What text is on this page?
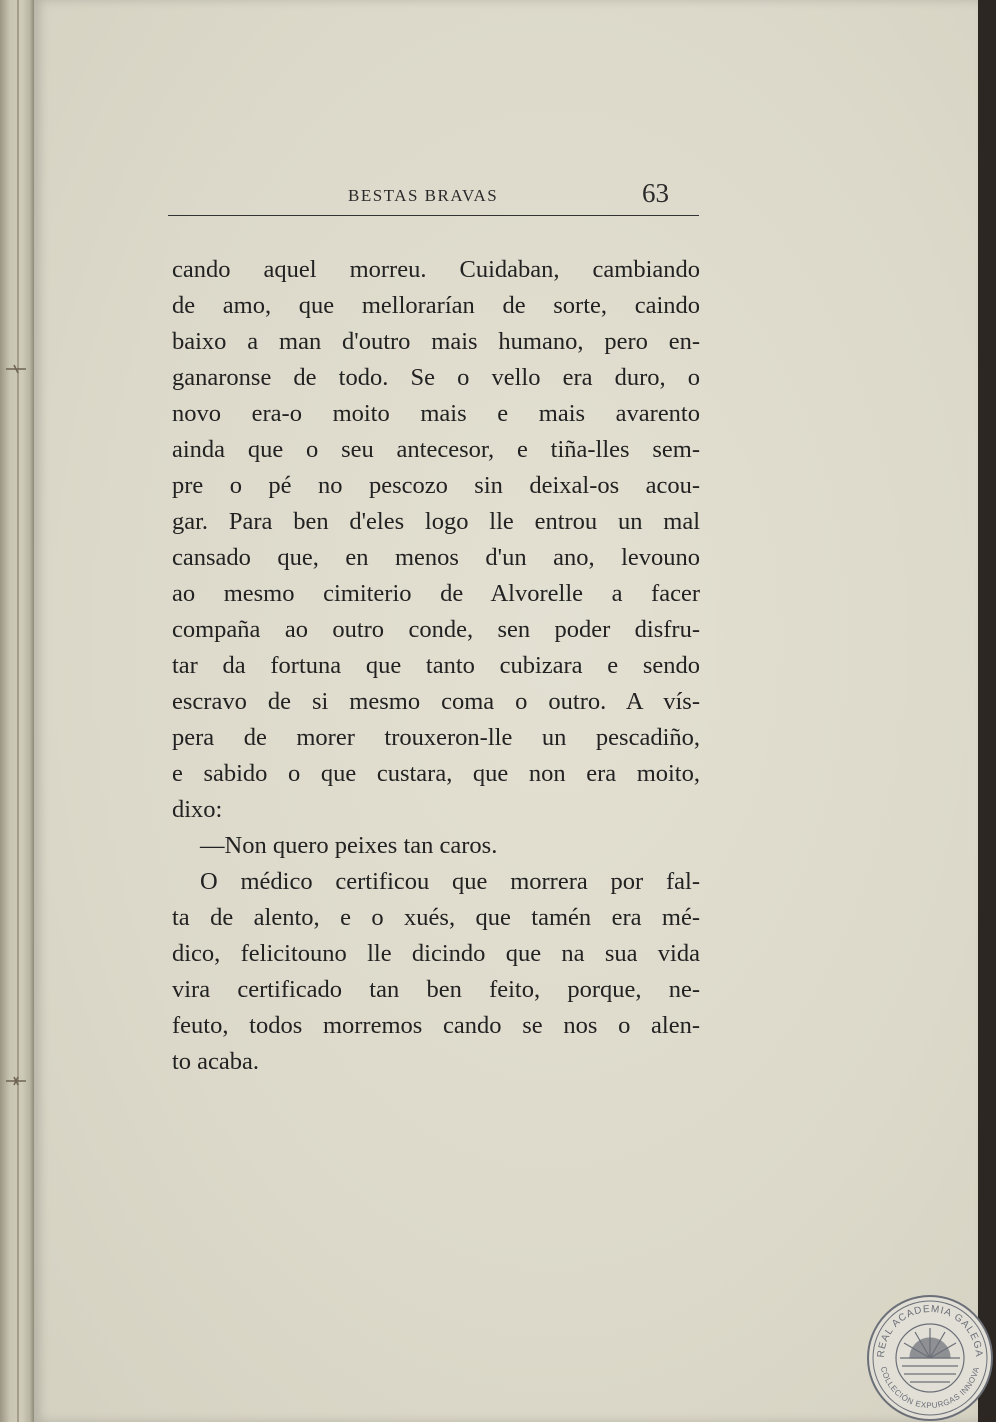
BESTAS BRAVAS	63
cando aquel morreu. Cuidaban, cambiando
de amo, que mellorarían de sorte, caindo
baixo a man d'outro mais humano, pero en-
ganaronse de todo. Se o vello era duro, o
novo era-o moito mais e mais avarento
ainda que o seu antecesor, e tiña-lles sem-
pre o pé no pescozo sin deixal-os acou-
gar. Para ben d'eles logo lle entrou un mal
cansado que, en menos d'un ano, levouno
ao mesmo cimiterio de Alvorelle a facer
compaña ao outro conde, sen poder disfru-
tar da fortuna que tanto cubizara e sendo
escravo de si mesmo coma o outro. A vís-
pera de morer trouxeron-lle un pescadiño,
e sabido o que custara, que non era moito,
dixo:
—Non quero peixes tan caros.
O médico certificou que morrera por fal-
ta de alento, e o xués, que tamén era mé-
dico, felicitouno lle dicindo que na sua vida
vira certificado tan ben feito, porque, ne-
feuto, todos morremos cando se nos o alen-
to acaba.
REAL ACADEMIA GALEGA
COLLECIÓN EXPURGAS INNOVA
